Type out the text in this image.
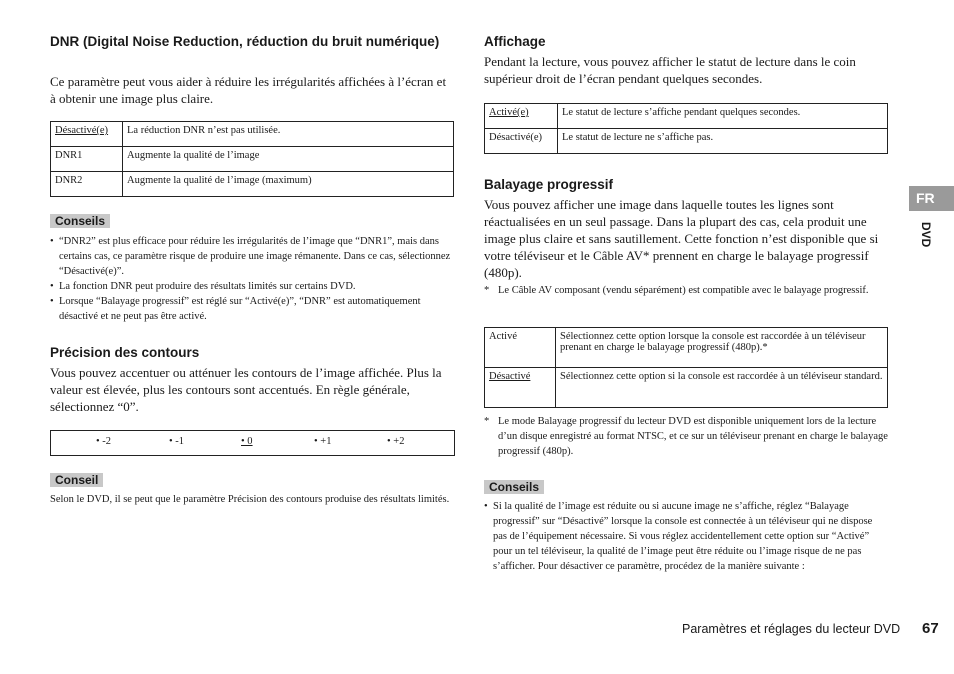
DNR (Digital Noise Reduction, réduction du bruit numérique)

Ce paramètre peut vous aider à réduire les irrégularités affichées à l’écran et à obtenir une image plus claire.

Désactivé(e)	La réduction DNR n’est pas utilisée.
DNR1	Augmente la qualité de l’image
DNR2	Augmente la qualité de l’image (maximum)
Conseils
• “DNR2” est plus efficace pour réduire les irrégularités de l’image que “DNR1”, mais dans certains cas, ce paramètre risque de produire une image rémanente. Dans ce cas, sélectionnez “Désactivé(e)”.
• La fonction DNR peut produire des résultats limités sur certains DVD.
• Lorsque “Balayage progressif” est réglé sur “Activé(e)”, “DNR” est automatiquement désactivé et ne peut pas être activé.
Précision des contours

Vous pouvez accentuer ou atténuer les contours de l’image affichée. Plus la valeur est élevée, plus les contours sont accentués. En règle générale, sélectionnez “0”.

• -2	• -1	• 0	• +1	• +2
Conseil

Selon le DVD, il se peut que le paramètre Précision des contours produise des résultats limités.

Affichage

Pendant la lecture, vous pouvez afficher le statut de lecture dans le coin supérieur droit de l’écran pendant quelques secondes.

Activé(e)	Le statut de lecture s’affiche pendant quelques secondes.
Désactivé(e)	Le statut de lecture ne s’affiche pas.
Balayage progressif

Vous pouvez afficher une image dans laquelle toutes les lignes sont réactualisées en un seul passage. Dans la plupart des cas, cela produit une image plus claire et sans sautillement. Cette fonction n’est disponible que si votre téléviseur et le Câble AV* prennent en charge le balayage progressif (480p).

* Le Câble AV composant (vendu séparément) est compatible avec le balayage progressif.
Activé	Sélectionnez cette option lorsque la console est raccordée à un téléviseur prenant en charge le balayage progressif (480p).*
Désactivé	Sélectionnez cette option si la console est raccordée à un téléviseur standard.
* Le mode Balayage progressif du lecteur DVD est disponible uniquement lors de la lecture d’un disque enregistré au format NTSC, et ce sur un téléviseur prenant en charge le balayage progressif (480p).
Conseils
• Si la qualité de l’image est réduite ou si aucune image ne s’affiche, réglez “Balayage progressif” sur “Désactivé” lorsque la console est connectée à un téléviseur qui ne dispose pas de l’équipement nécessaire. Si vous réglez accidentellement cette option sur “Activé” pour un tel téléviseur, la qualité de l’image peut être réduite ou l’image risque de ne pas s’afficher. Pour désactiver ce paramètre, procédez de la manière suivante :
FR
DVD
Paramètres et réglages du lecteur DVD 67
